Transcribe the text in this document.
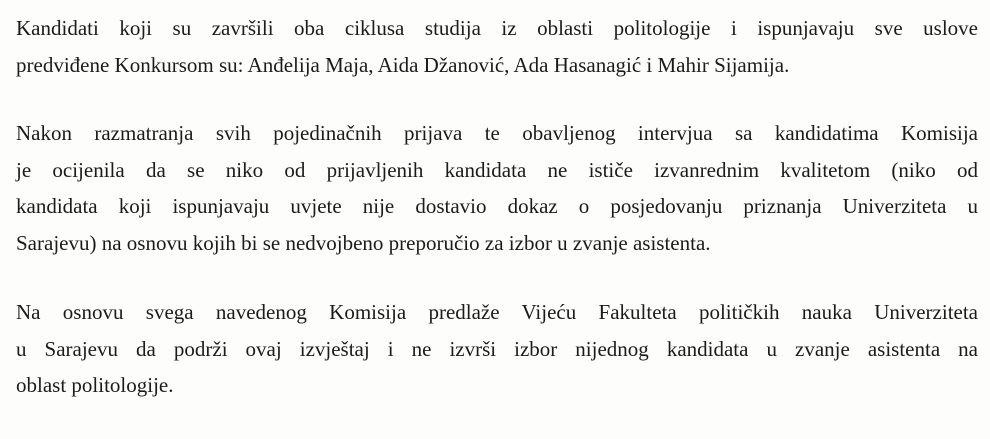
Kandidati koji su završili oba ciklusa studija iz oblasti politologije i ispunjavaju sve uslove
predviđene Konkursom su: Anđelija Maja, Aida Džanović, Ada Hasanagić i Mahir Sijamija.

Nakon razmatranja svih pojedinačnih prijava te obavljenog intervjua sa kandidatima Komisija
je ocijenila da se niko od prijavljenih kandidata ne ističe izvanrednim kvalitetom (niko od
kandidata koji ispunjavaju uvjete nije dostavio dokaz o posjedovanju priznanja Univerziteta u
Sarajevu) na osnovu kojih bi se nedvojbeno preporučio za izbor u zvanje asistenta.

Na osnovu svega navedenog Komisija predlaže Vijeću Fakulteta političkih nauka Univerziteta
u Sarajevu da podrži ovaj izvještaj i ne izvrši izbor nijednog kandidata u zvanje asistenta na
oblast politologije.
